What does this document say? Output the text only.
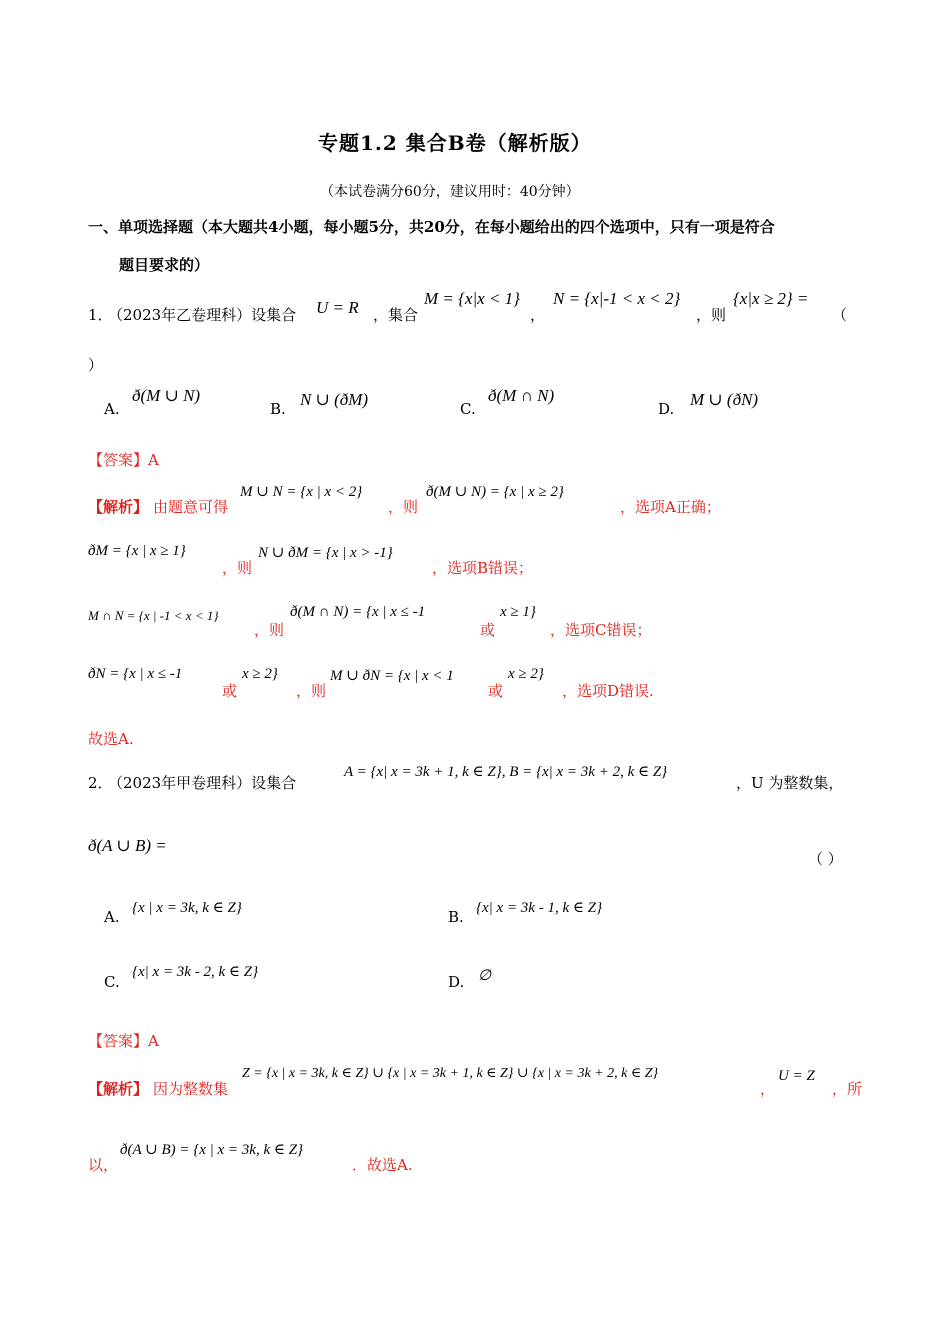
专题1.2 集合B卷（解析版）
（本试卷满分60分，建议用时：40分钟）
一、单项选择题（本大题共4小题，每小题5分，共20分，在每小题给出的四个选项中，只有一项是符合
题目要求的）
1．
（2023年乙卷理科）设集合 U = R ，集合
M = {x|x < 1}
，
N = {x|-1 < x < 2}
，则
{x|x ≥ 2} =
（
）
A.
ð(M ∪ N)
B. N ∪ (ðM)	C.
ð(M ∩ N)
D. M ∪ (ðN)
【答案】A
【解析】 由题意可得
M ∪ N = {x | x < 2}
，则
ð(M ∪ N) = {x | x ≥ 2}
，选项A正确；
ðM = {x | x ≥ 1}
，则
N ∪ ðM = {x | x > -1}
，选项B错误；
M ∩ N = {x | -1 < x < 1}
，则
ð(M ∩ N) = {x | x ≤ -1
或
x ≥ 1}
，选项C错误；
ðN = {x | x ≤ -1
或
x ≥ 2}
，则
M ∪ ðN = {x | x < 1
或
x ≥ 2}
，选项D错误.
故选A.
2．
（2023年甲卷理科）设集合
A = {x| x = 3k + 1, k ∈ Z}, B = {x| x = 3k + 2, k ∈ Z}
，U 为整数集，
ð(A ∪ B) =
（ ）
A. {x | x = 3k, k ∈ Z}	B. {x| x = 3k - 1, k ∈ Z}
C.
{x| x = 3k - 2, k ∈ Z}
D. ∅
【答案】A
【解析】 因为整数集
Z = {x | x = 3k, k ∈ Z} ∪ {x | x = 3k + 1, k ∈ Z} ∪ {x | x = 3k + 2, k ∈ Z}
，
U = Z
，所
以，
ð(A ∪ B) = {x | x = 3k, k ∈ Z}
．故选A.
